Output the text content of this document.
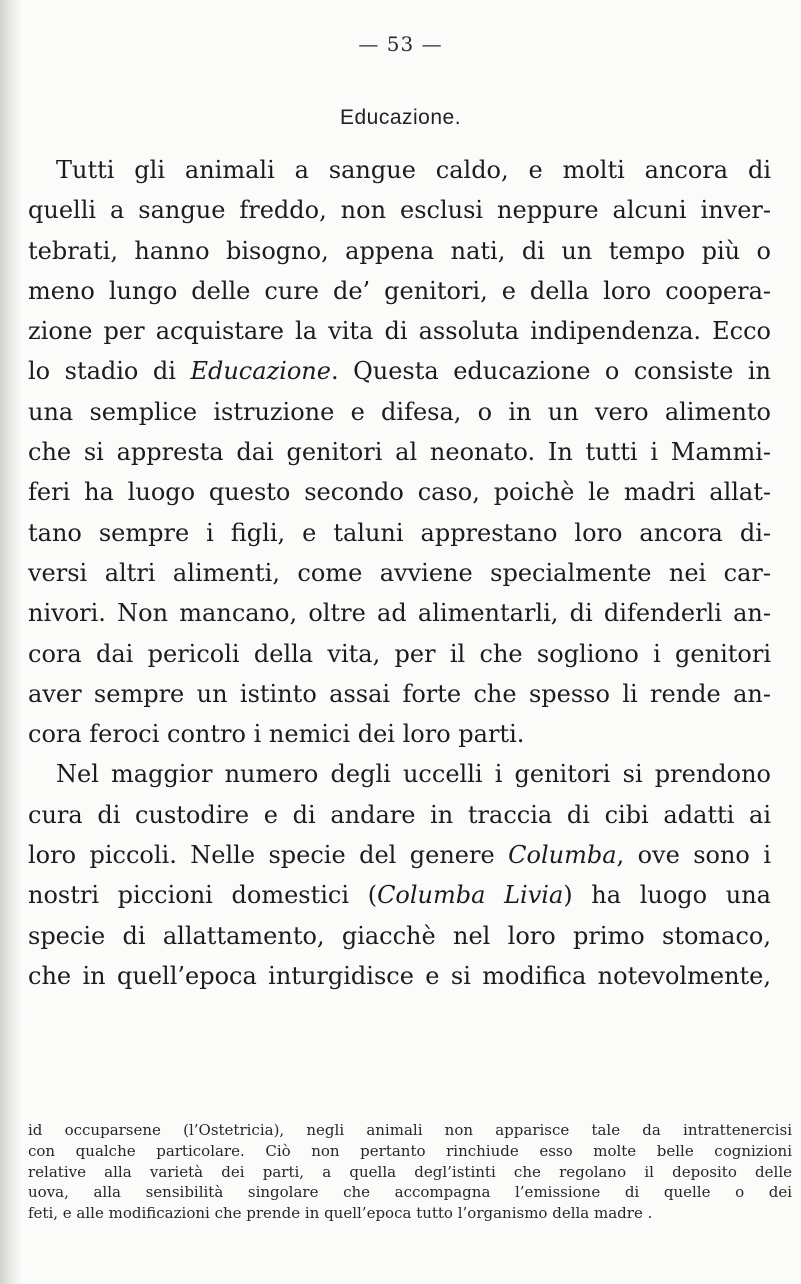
— 53 —
Educazione.
Tutti gli animali a sangue caldo, e molti ancora di
quelli a sangue freddo, non esclusi neppure alcuni inver-
tebrati, hanno bisogno, appena nati, di un tempo più o
meno lungo delle cure de’ genitori, e della loro coopera-
zione per acquistare la vita di assoluta indipendenza. Ecco
lo stadio di Educazione. Questa educazione o consiste in
una semplice istruzione e difesa, o in un vero alimento
che si appresta dai genitori al neonato. In tutti i Mammi-
feri ha luogo questo secondo caso, poichè le madri allat-
tano sempre i figli, e taluni apprestano loro ancora di-
versi altri alimenti, come avviene specialmente nei car-
nivori. Non mancano, oltre ad alimentarli, di difenderli an-
cora dai pericoli della vita, per il che sogliono i genitori
aver sempre un istinto assai forte che spesso li rende an-
cora feroci contro i nemici dei loro parti.
Nel maggior numero degli uccelli i genitori si prendono
cura di custodire e di andare in traccia di cibi adatti ai
loro piccoli. Nelle specie del genere Columba, ove sono i
nostri piccioni domestici (Columba Livia) ha luogo una
specie di allattamento, giacchè nel loro primo stomaco,
che in quell’epoca inturgidisce e si modifica notevolmente,
id occuparsene (l’Ostetricia), negli animali non apparisce tale da intrattenercisi
con qualche particolare. Ciò non pertanto rinchiude esso molte belle cognizioni
relative alla varietà dei parti, a quella degl’istinti che regolano il deposito delle
uova, alla sensibilità singolare che accompagna l’emissione di quelle o dei
feti, e alle modificazioni che prende in quell’epoca tutto l’organismo della madre .
